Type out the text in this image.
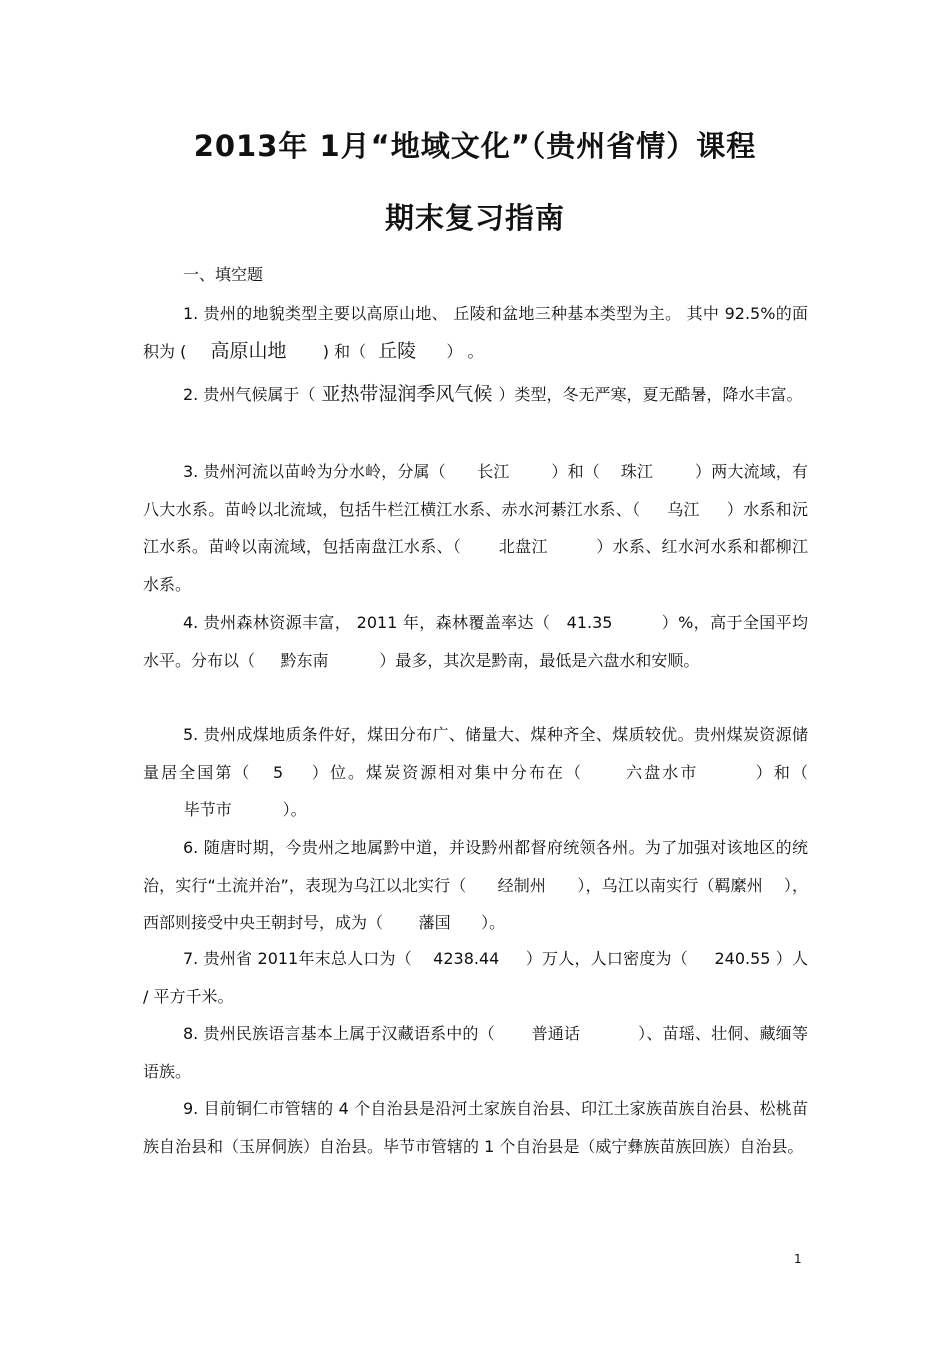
2013年 1月“地域文化”（贵州省情）课程
期末复习指南
一、填空题
1. 贵州的地貌类型主要以高原山地、 丘陵和盆地三种基本类型为主。 其中 92.5%的面积为 (    高原山地      ) 和（  丘陵     ） 。
2. 贵州气候属于（ 亚热带湿润季风气候 ）类型，冬无严寒，夏无酷暑，降水丰富。
3. 贵州河流以苗岭为分水岭，分属（      长江        ）和（    珠江        ）两大流域，有八大水系。苗岭以北流域，包括牛栏江横江水系、赤水河綦江水系、（     乌江     ）水系和沅江水系。苗岭以南流域，包括南盘江水系、（       北盘江         ）水系、红水河水系和都柳江水系。
4. 贵州森林资源丰富， 2011 年，森林覆盖率达（   41.35         ）%，高于全国平均水平。分布以（     黔东南          ）最多，其次是黔南，最低是六盘水和安顺。
5. 贵州成煤地质条件好，煤田分布广、储量大、煤种齐全、煤质较优。贵州煤炭资源储量居全国第（   5    ）位。煤炭资源相对集中分布在（      六盘水市        ）和（        毕节市          ）。
6. 随唐时期，今贵州之地属黔中道，并设黔州都督府统领各州。为了加强对该地区的统治，实行“土流并治”，表现为乌江以北实行（      经制州      ），乌江以南实行（羁縻州    ），西部则接受中央王朝封号，成为（       藩国      ）。
7. 贵州省 2011年末总人口为（    4238.44     ）万人，人口密度为（     240.55 ）人 / 平方千米。
8. 贵州民族语言基本上属于汉藏语系中的（       普通话           ）、苗瑶、壮侗、藏缅等语族。
9. 目前铜仁市管辖的 4 个自治县是沿河土家族自治县、印江土家族苗族自治县、松桃苗族自治县和（玉屏侗族）自治县。毕节市管辖的 1 个自治县是（威宁彝族苗族回族）自治县。
1
